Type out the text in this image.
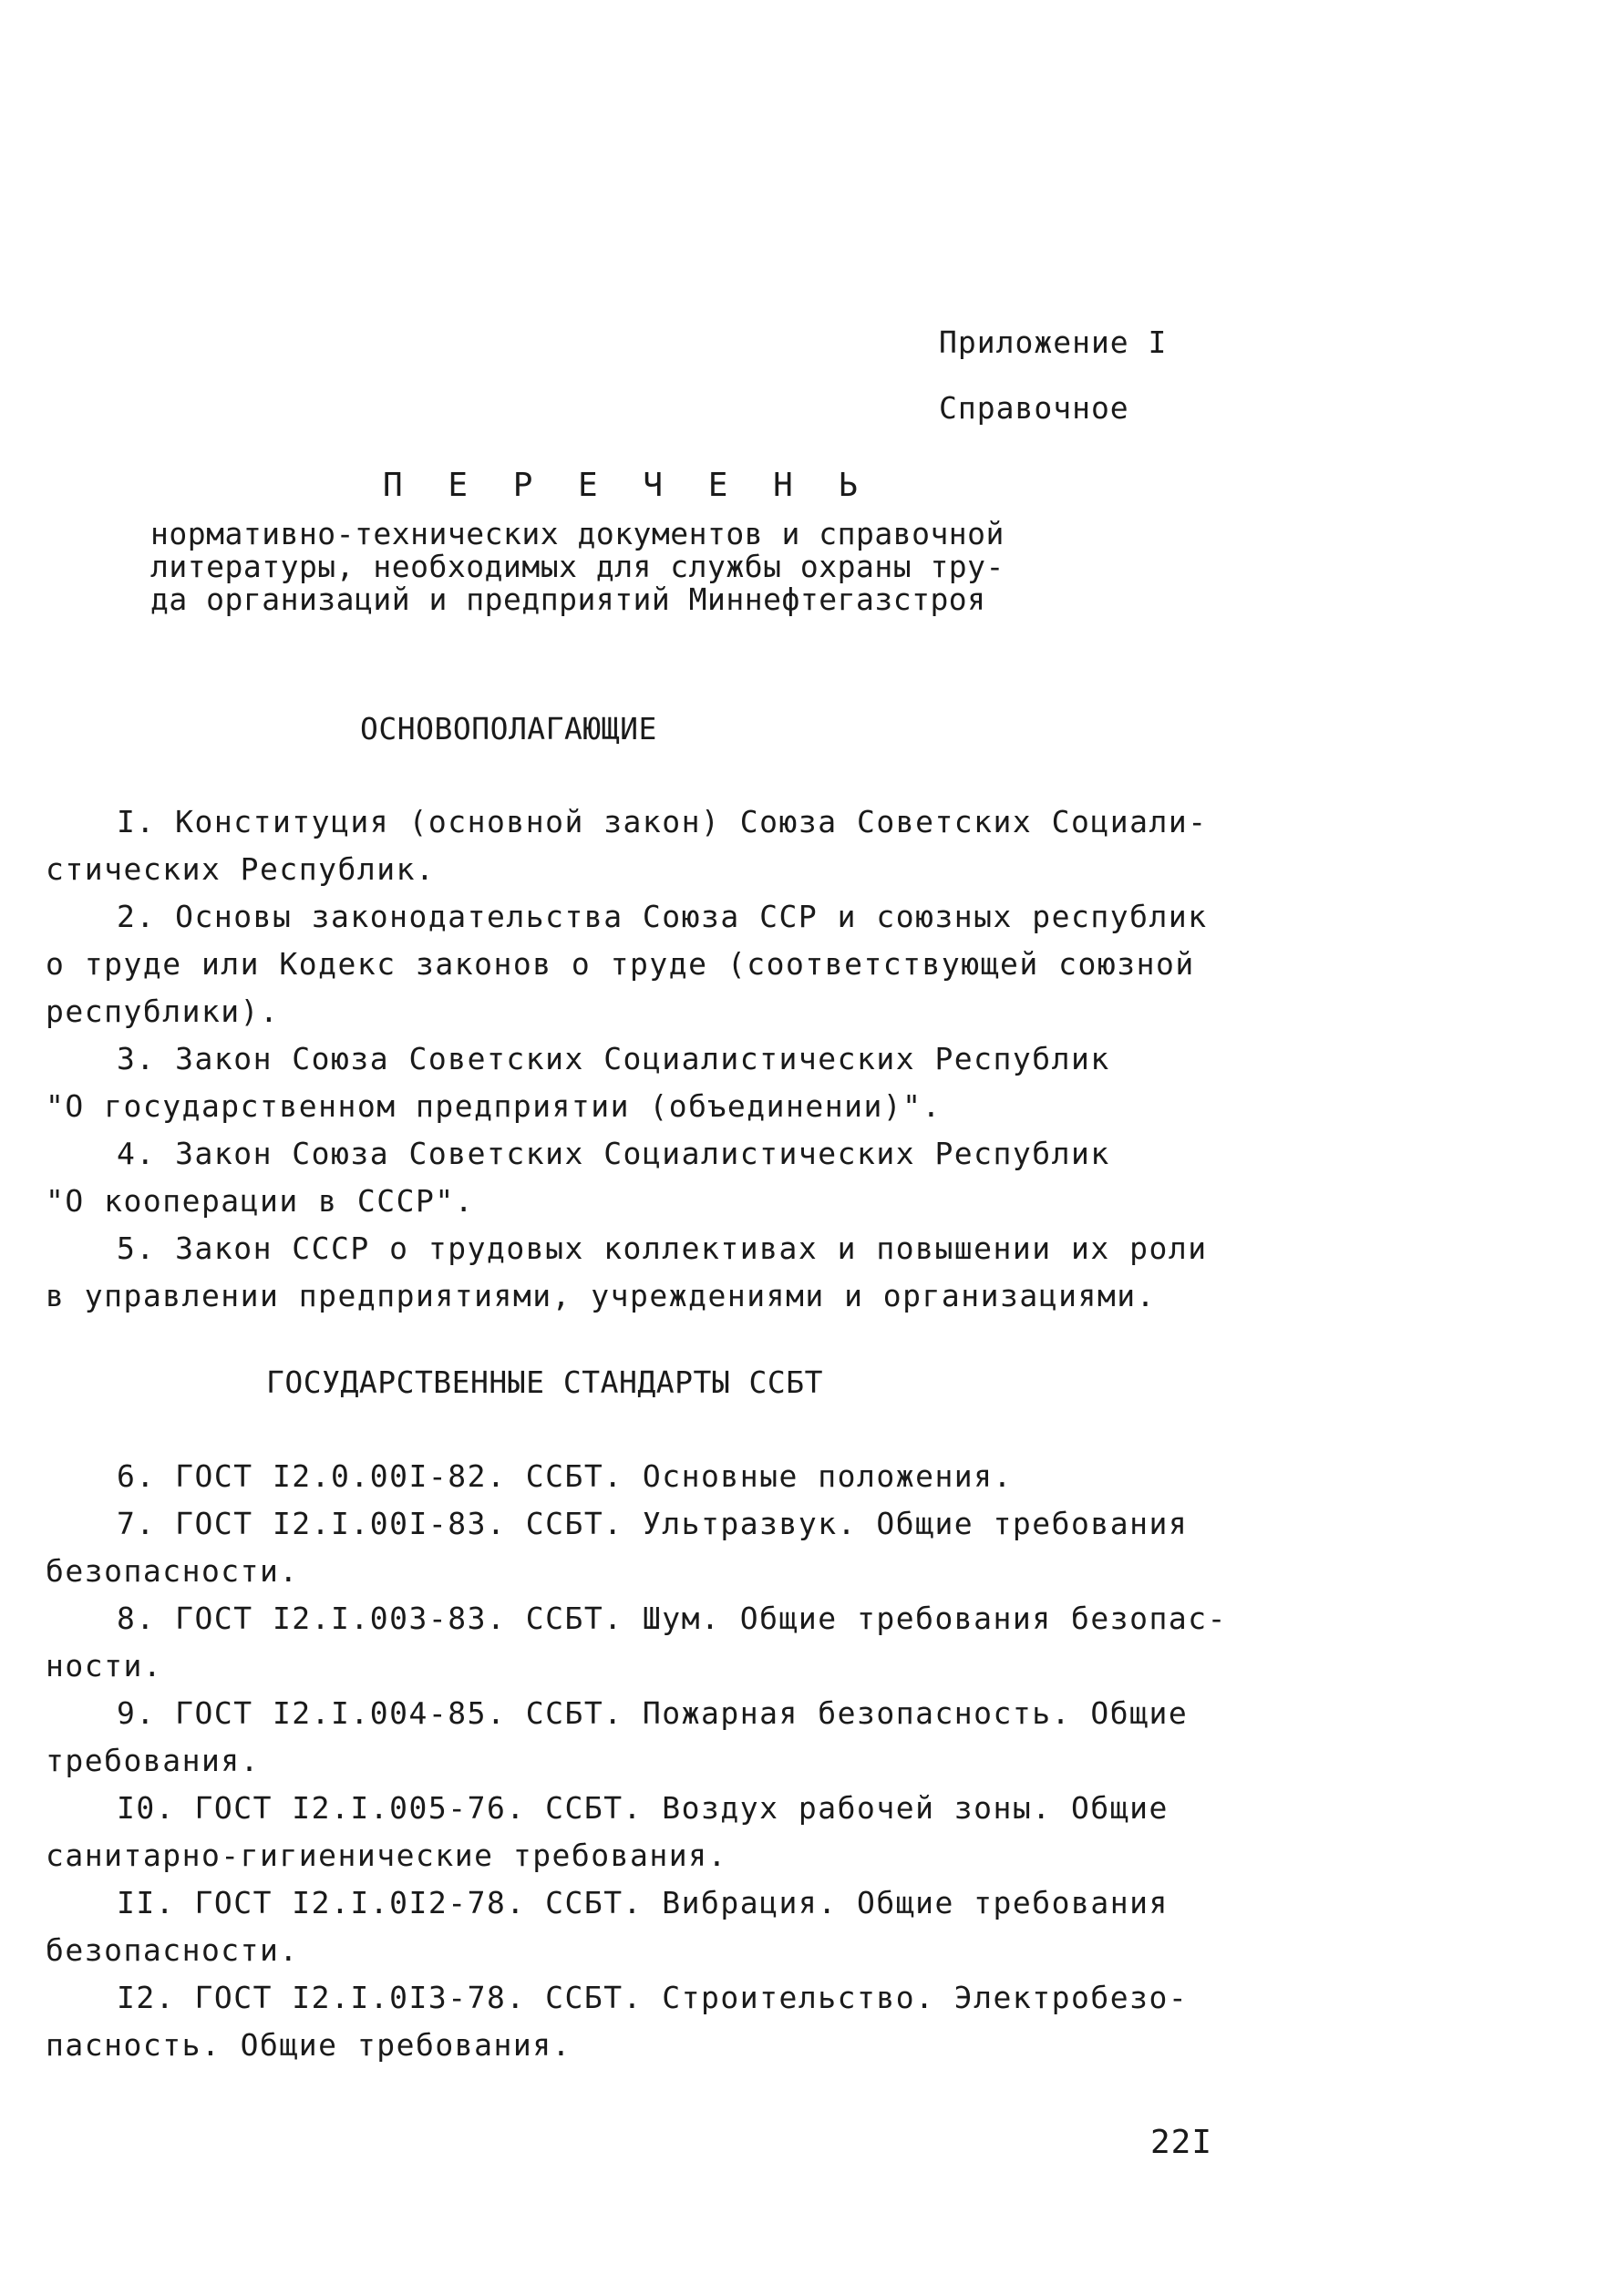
Приложение I
Справочное
П Е Р Е Ч Е Н Ь
нормативно-технических документов и справочной
литературы, необходимых для службы охраны тру-
да организаций и предприятий Миннефтегазстроя
ОСНОВОПОЛАГАЮЩИЕ
I. Конституция (основной закон) Союза Советских Социали-
стических Республик.
2. Основы законодательства Союза ССР и союзных республик
о труде или Кодекс законов о труде (соответствующей союзной
республики).
3. Закон Союза Советских Социалистических Республик
"О государственном предприятии (объединении)".
4. Закон Союза Советских Социалистических Республик
"О кооперации в СССР".
5. Закон СССР о трудовых коллективах и повышении их роли
в управлении предприятиями, учреждениями и организациями.
ГОСУДАРСТВЕННЫЕ СТАНДАРТЫ ССБТ
6. ГОСТ I2.0.00I-82. ССБТ. Основные положения.
7. ГОСТ I2.I.00I-83. ССБТ. Ультразвук. Общие требования
безопасности.
8. ГОСТ I2.I.003-83. ССБТ. Шум. Общие требования безопас-
ности.
9. ГОСТ I2.I.004-85. ССБТ. Пожарная безопасность. Общие
требования.
I0. ГОСТ I2.I.005-76. ССБТ. Воздух рабочей зоны. Общие
санитарно-гигиенические требования.
II. ГОСТ I2.I.0I2-78. ССБТ. Вибрация. Общие требования
безопасности.
I2. ГОСТ I2.I.0I3-78. ССБТ. Строительство. Электробезо-
пасность. Общие требования.
22I
